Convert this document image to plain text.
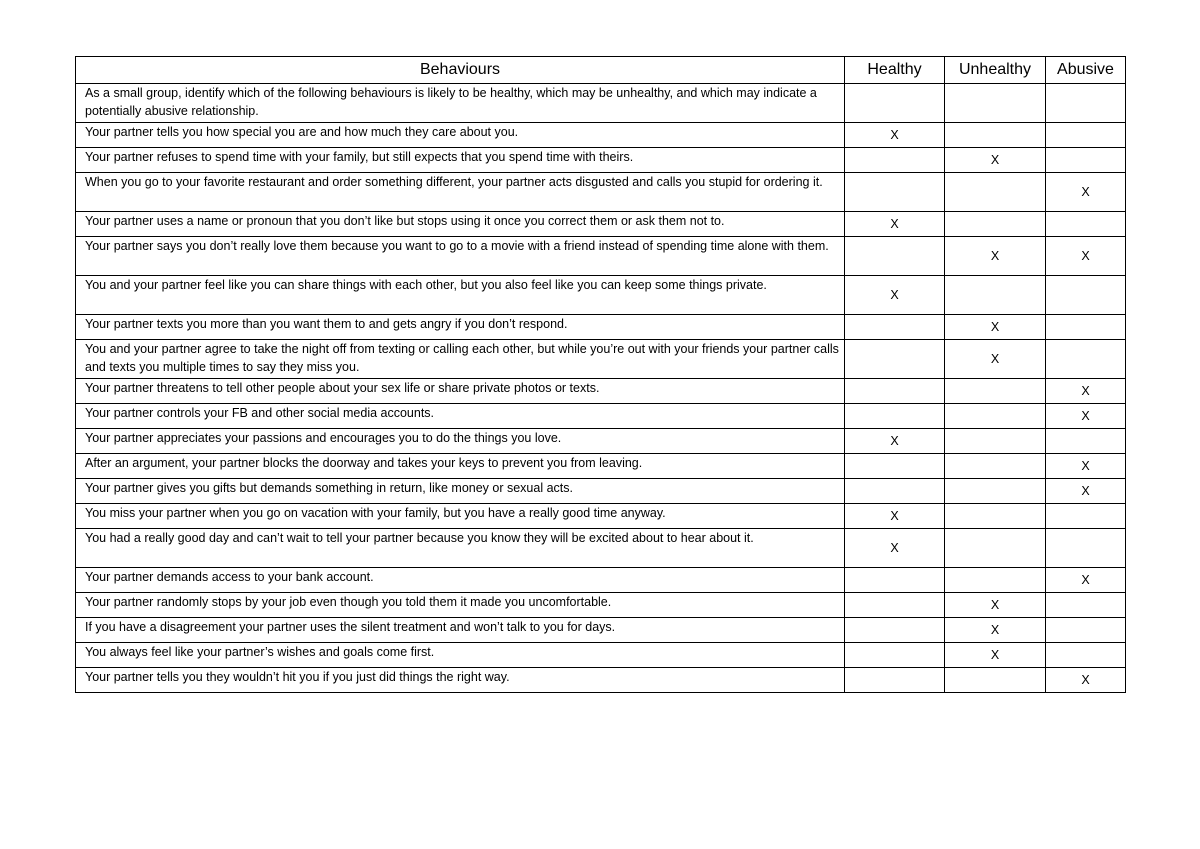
Behaviours	Healthy	Unhealthy	Abusive
As a small group, identify which of the following behaviours is likely to be healthy, which may be unhealthy, and which may indicate a potentially abusive relationship.			
Your partner tells you how special you are and how much they care about you.	X		
Your partner refuses to spend time with your family, but still expects that you spend time with theirs.		X	
When you go to your favorite restaurant and order something different, your partner acts disgusted and calls you stupid for ordering it.			X
Your partner uses a name or pronoun that you don’t like but stops using it once you correct them or ask them not to.	X		
Your partner says you don’t really love them because you want to go to a movie with a friend instead of spending time alone with them.		X	X
You and your partner feel like you can share things with each other, but you also feel like you can keep some things private.	X		
Your partner texts you more than you want them to and gets angry if you don’t respond.		X	
You and your partner agree to take the night off from texting or calling each other, but while you’re out with your friends your partner calls and texts you multiple times to say they miss you.		X	
Your partner threatens to tell other people about your sex life or share private photos or texts.			X
Your partner controls your FB and other social media accounts.			X
Your partner appreciates your passions and encourages you to do the things you love.	X		
After an argument, your partner blocks the doorway and takes your keys to prevent you from leaving.			X
Your partner gives you gifts but demands something in return, like money or sexual acts.			X
You miss your partner when you go on vacation with your family, but you have a really good time anyway.	X		
You had a really good day and can’t wait to tell your partner because you know they will be excited about to hear about it.	X		
Your partner demands access to your bank account.			X
Your partner randomly stops by your job even though you told them it made you uncomfortable.		X	
If you have a disagreement your partner uses the silent treatment and won’t talk to you for days.		X	
You always feel like your partner’s wishes and goals come first.		X	
Your partner tells you they wouldn’t hit you if you just did things the right way.			X
